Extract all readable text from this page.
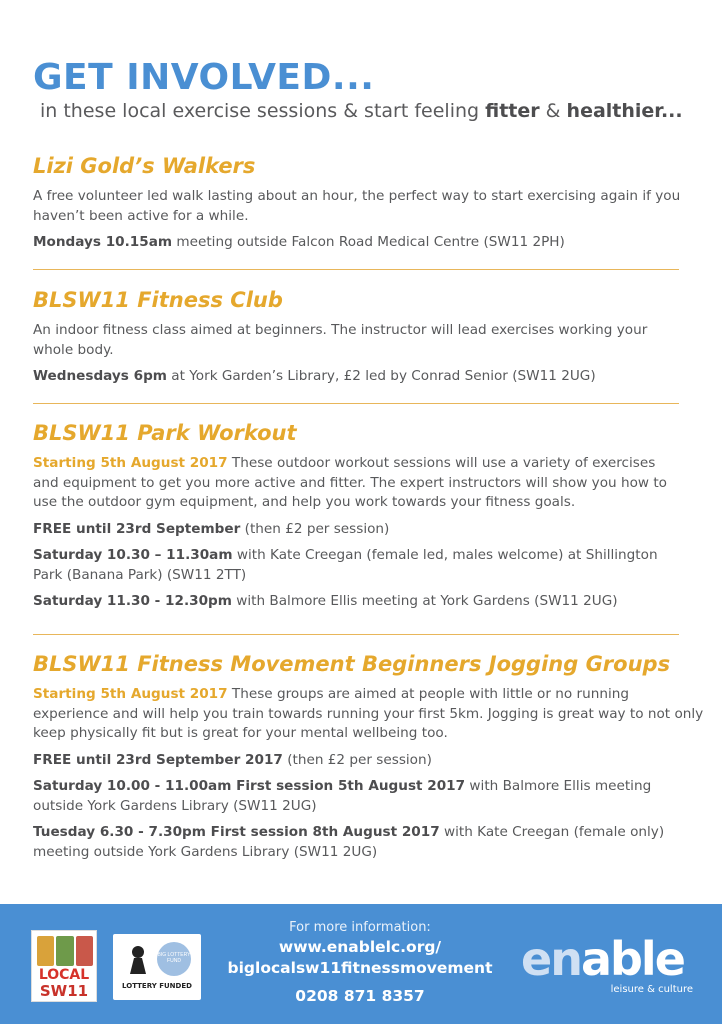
GET INVOLVED...
in these local exercise sessions & start feeling fitter & healthier...
Lizi Gold’s Walkers
A free volunteer led walk lasting about an hour, the perfect way to start exercising again if you haven’t been active for a while.
Mondays 10.15am meeting outside Falcon Road Medical Centre (SW11 2PH)
BLSW11 Fitness Club
An indoor fitness class aimed at beginners. The instructor will lead exercises working your whole body.
Wednesdays 6pm at York Garden’s Library, £2 led by Conrad Senior (SW11 2UG)
BLSW11 Park Workout
Starting 5th August 2017 These outdoor workout sessions will use a variety of exercises and equipment to get you more active and fitter. The expert instructors will show you how to use the outdoor gym equipment, and help you work towards your fitness goals.
FREE until 23rd September (then £2 per session)
Saturday 10.30 – 11.30am with Kate Creegan (female led, males welcome) at Shillington Park (Banana Park) (SW11 2TT)
Saturday 11.30 - 12.30pm with Balmore Ellis meeting at York Gardens (SW11 2UG)
BLSW11 Fitness Movement Beginners Jogging Groups
Starting 5th August 2017 These groups are aimed at people with little or no running experience and will help you train towards running your first 5km. Jogging is great way to not only keep physically fit but is great for your mental wellbeing too.
FREE until 23rd September 2017 (then £2 per session)
Saturday 10.00 - 11.00am First session 5th August 2017 with Balmore Ellis meeting outside York Gardens Library (SW11 2UG)
Tuesday 6.30 - 7.30pm First session 8th August 2017 with Kate Creegan (female only) meeting outside York Gardens Library (SW11 2UG)
LOCAL
SW11
BIG LOTTERY FUND
LOTTERY FUNDED
For more information:
www.enablelc.org/
biglocalsw11fitnessmovement
0208 871 8357
enable
leisure & culture
